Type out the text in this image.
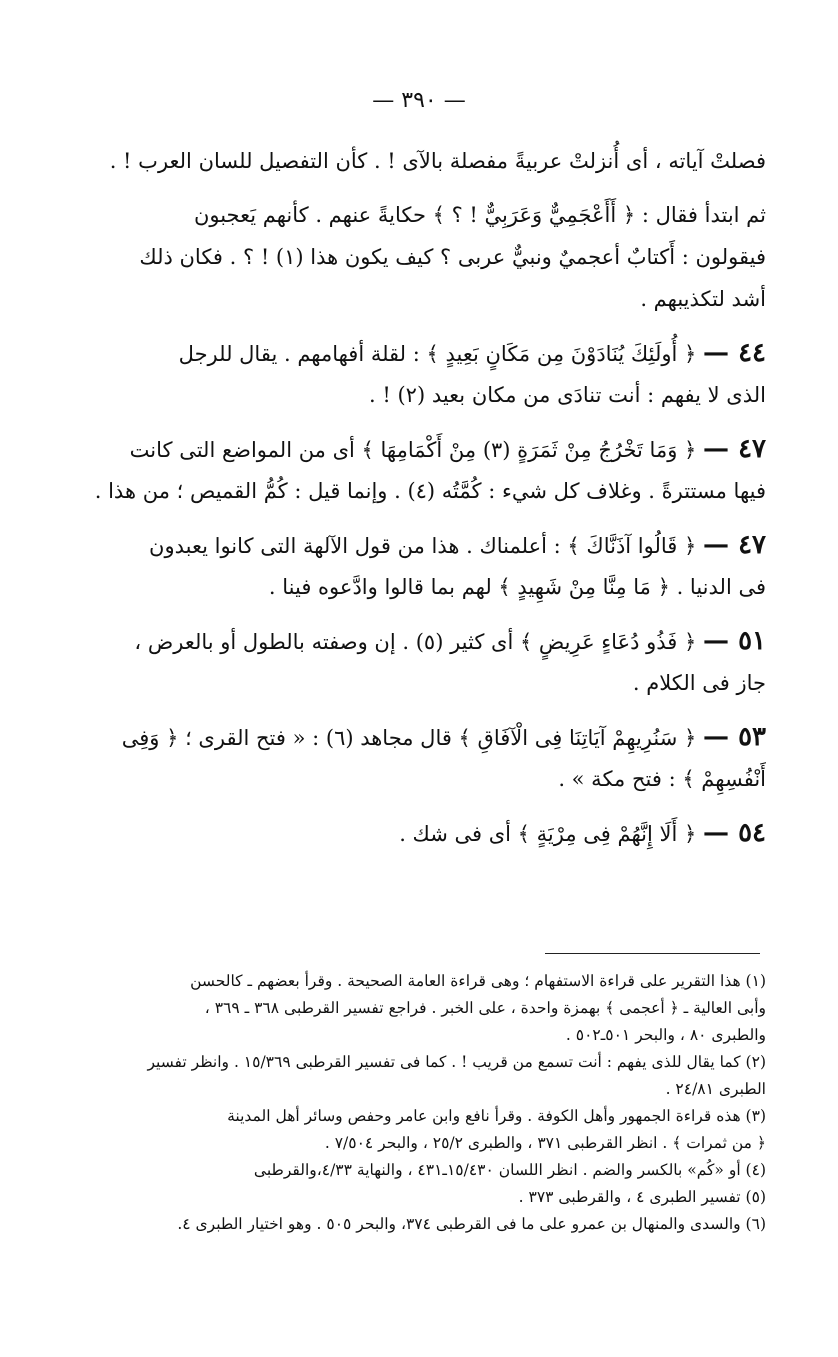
— ٣٩٠ —
فصلتْ آياته ، أى أُنزلتْ عربيةً مفصلة بالآى ! . كأن التفصيل للسان العرب ! .
ثم ابتدأ فقال : ﴿ أَأَعْجَمِيٌّ وَعَرَبِيٌّ ! ؟ ﴾ حكايةً عنهم . كأنهم يَعجبون
فيقولون : أَكتابٌ أعجميٌ ونبيٌّ عربى ؟ كيف يكون هذا (١) ! ؟ . فكان ذلك
أشد لتكذيبهم .
٤٤ — ﴿ أُولَئِكَ يُنَادَوْنَ مِن مَكَانٍ بَعِيدٍ ﴾ : لقلة أفهامهم . يقال للرجل
الذى لا يفهم : أنت تنادَى من مكان بعيد (٢) ! .
٤٧ — ﴿ وَمَا تَخْرُجُ مِنْ ثَمَرَةٍ (٣) مِنْ أَكْمَامِهَا ﴾ أى من المواضع التى كانت
فيها مستترةً . وغلاف كل شيء : كُمَّتُه (٤) . وإنما قيل : كُمُّ القميص ؛ من هذا .
٤٧ — ﴿ قَالُوا آذَنَّاكَ ﴾ : أعلمناك . هذا من قول الآلهة التى كانوا يعبدون
فى الدنيا . ﴿ مَا مِنَّا مِنْ شَهِيدٍ ﴾ لهم بما قالوا وادَّعوه فينا .
٥١ — ﴿ فَذُو دُعَاءٍ عَرِيضٍ ﴾ أى كثير (٥) . إن وصفته بالطول أو بالعرض ،
جاز فى الكلام .
٥٣ — ﴿ سَنُرِيهِمْ آيَاتِنَا فِى الْآفَاقِ ﴾ قال مجاهد (٦) : « فتح القرى ؛ ﴿ وَفِى
أَنْفُسِهِمْ ﴾ : فتح مكة » .
٥٤ — ﴿ أَلَا إِنَّهُمْ فِى مِرْيَةٍ ﴾ أى فى شك .
(١) هذا التقرير على قراءة الاستفهام ؛ وهى قراءة العامة الصحيحة . وقرأ بعضهم ـ كالحسن
وأبى العالية ـ ﴿ أعجمى ﴾ بهمزة واحدة ، على الخبر . فراجع تفسير القرطبى ٣٦٨ ـ ٣٦٩ ،
والطبرى ٨٠ ، والبحر ٥٠١ـ٥٠٢ .
(٢) كما يقال للذى يفهم : أنت تسمع من قريب ! . كما فى تفسير القرطبى ١٥/٣٦٩ . وانظر تفسير
الطبرى ٢٤/٨١ .
(٣) هذه قراءة الجمهور وأهل الكوفة . وقرأ نافع وابن عامر وحفص وسائر أهل المدينة
﴿ من ثمرات ﴾ . انظر القرطبى ٣٧١ ، والطبرى ٢٥/٢ ، والبحر ٧/٥٠٤ .
(٤) أو «كُم» بالكسر والضم . انظر اللسان ١٥/٤٣٠ـ٤٣١ ، والنهاية ٤/٣٣،والقرطبى
(٥) تفسير الطبرى ٤ ، والقرطبى ٣٧٣ .
(٦) والسدى والمنهال بن عمرو على ما فى القرطبى ٣٧٤، والبحر ٥٠٥ . وهو اختيار الطبرى ٤.
